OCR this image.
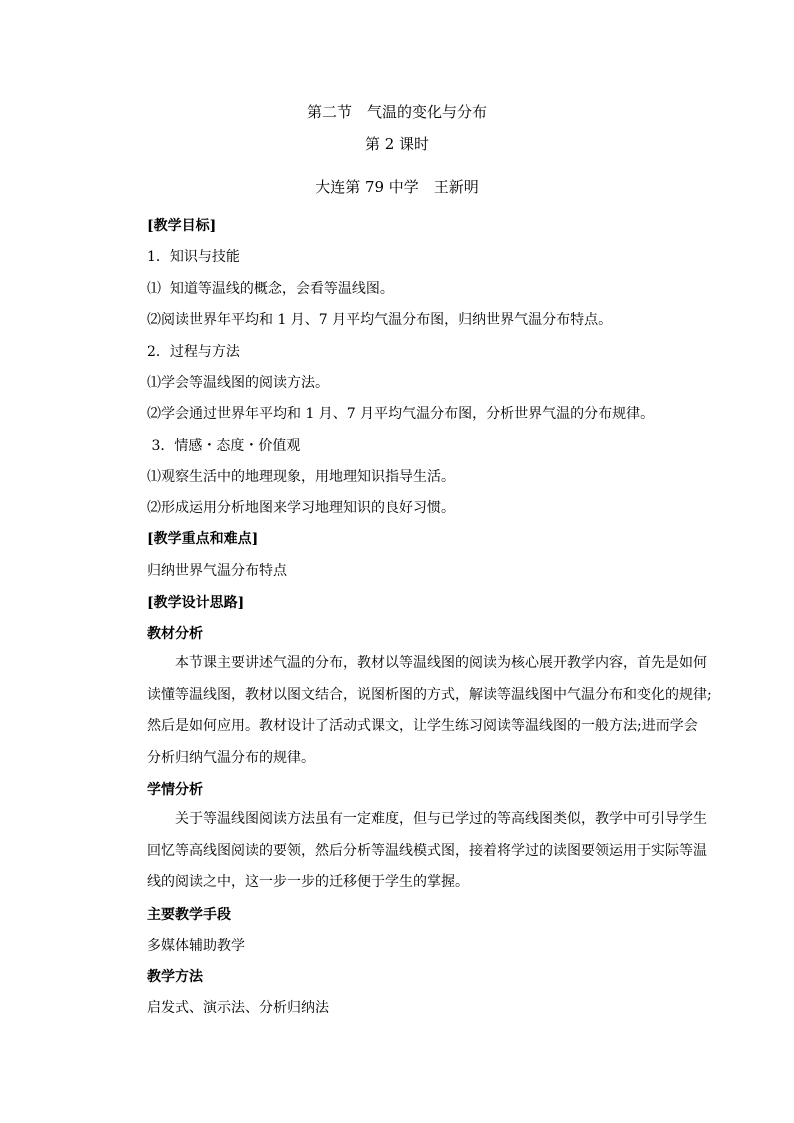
第二节　气温的变化与分布
第 2 课时
大连第 79 中学　王新明
[教学目标]
1．知识与技能
⑴  知道等温线的概念，会看等温线图。
⑵阅读世界年平均和 1 月、7 月平均气温分布图，归纳世界气温分布特点。
2．过程与方法
⑴学会等温线图的阅读方法。
⑵学会通过世界年平均和 1 月、7 月平均气温分布图，分析世界气温的分布规律。
3．情感・态度・价值观
⑴观察生活中的地理现象，用地理知识指导生活。
⑵形成运用分析地图来学习地理知识的良好习惯。
[教学重点和难点]
归纳世界气温分布特点
[教学设计思路]
教材分析
　　本节课主要讲述气温的分布，教材以等温线图的阅读为核心展开教学内容，首先是如何
读懂等温线图，教材以图文结合，说图析图的方式，解读等温线图中气温分布和变化的规律;
然后是如何应用。教材设计了活动式课文，让学生练习阅读等温线图的一般方法;进而学会
分析归纳气温分布的规律。
学情分析
　　关于等温线图阅读方法虽有一定难度，但与已学过的等高线图类似，教学中可引导学生
回忆等高线图阅读的要领，然后分析等温线模式图，接着将学过的读图要领运用于实际等温
线的阅读之中，这一步一步的迁移便于学生的掌握。
主要教学手段
多媒体辅助教学
教学方法
启发式、演示法、分析归纳法
